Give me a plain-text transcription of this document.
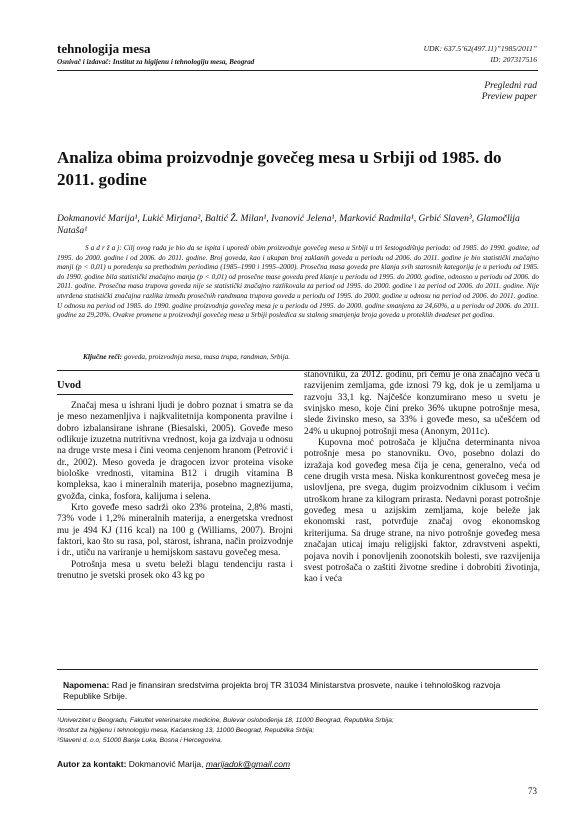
tehnologija mesa
Osnivač i izdavač: Institut za higijenu i tehnologiju mesa, Beograd
UDK: 637.5’62(497.11)”1985/2011”
ID: 207317516
Pregledni rad
Preview paper
Analiza obima proizvodnje govečeg mesa u Srbiji od 1985. do 2011. godine
Dokmanović Marija¹, Lukić Mirjana², Baltić Ž. Milan¹, Ivanović Jelena¹, Marković Radmila¹, Grbić Slaven³, Glamočlija Nataša¹
S a d r ž a j: Cilj ovog rada je bio da se ispita i uporedi obim proizvodnje govečeg mesa u Srbiji u tri šestogodišnja perioda: od 1985. do 1990. godine, od 1995. do 2000. godine i od 2006. do 2011. godine. Broj goveda, kao i ukupan broj zaklanih goveda u periodu od 2006. do 2011. godine je bio statistički značajno manji (p < 0,01) u poređenju sa prethodnim periodima (1985–1990 i 1995–2000). Prosečna masa goveda pre klanja svih starosnih kategorija je u periodu od 1985. do 1990. godine bila statistički značajno manja (p < 0,01) od prosečne mase goveda pred klanje u periodu od 1995. do 2000. godine, odnosno u periodu od 2006. do 2011. godine. Prosečna masa trupova goveda nije se statistički značajno razlikovala za period od 1995. do 2000. godine i za period od 2006. do 2011. godine. Nije utvrđena statistički značajna razlika između prosečnih randmana trupova goveda u periodu od 1995. do 2000. godine u odnosu na period od 2006. do 2011. godine. U odnosu na period od 1985. do 1990. godine proizvodnja govečeg mesa je u periodu od 1995. do 2000. godine smanjena za 24,60%, a u periodu od 2006. do 2011. godine za 29,20%. Ovakve promene u proizvodnji govečeg mesa u Srbiji posledica su stalnog smanjenja broja goveda u proteklih dvadeset pet godina.
Ključne reči: goveda, proizvodnja mesa, masa trupa, randman, Srbija.
Uvod

Značaj mesa u ishrani ljudi je dobro poznat i smatra se da je meso nezamenljiva i najkvalitetnija komponenta pravilne i dobro izbalansirane ishrane (Biesalski, 2005). Goveđe meso odlikuje izuzetna nutritivna vrednost, koja ga izdvaja u odnosu na druge vrste mesa i čini veoma cenjenom hranom (Petrović i dr., 2002). Meso goveda je dragocen izvor proteina visoke biološke vrednosti, vitamina B12 i drugih vitamina B kompleksa, kao i mineralnih materija, posebno magnezijuma, gvožđa, cinka, fosfora, kalijuma i selena.

Krto goveđe meso sadrži oko 23% proteina, 2,8% masti, 73% vode i 1,2% mineralnih materija, a energetska vrednost mu je 494 KJ (116 kcal) na 100 g (Williams, 2007). Brojni faktori, kao što su rasa, pol, starost, ishrana, način proizvodnje i dr., utiču na variranje u hemijskom sastavu govečeg mesa.

Potrošnja mesa u svetu beleži blagu tendenciju rasta i trenutno je svetski prosek oko 43 kg po

stanovniku, za 2012. godinu, pri čemu je ona značajno veća u razvijenim zemljama, gde iznosi 79 kg, dok je u zemljama u razvoju 33,1 kg. Najčešće konzumirano meso u svetu je svinjsko meso, koje čini preko 36% ukupne potrošnje mesa, slede živinsko meso, sa 33% i goveđe meso, sa učešćem od 24% u ukupnoj potrošnji mesa (Anonym, 2011c).

Kupovna moć potrošača je ključna determinanta nivoa potrošnje mesa po stanovniku. Ovo, posebno dolazi do izražaja kod goveđeg mesa čija je cena, generalno, veća od cene drugih vrsta mesa. Niska konkurentnost govečeg mesa je uslovljena, pre svega, dugim proizvodnim ciklusom i većim utroškom hrane za kilogram prirasta. Nedavni porast potrošnje goveđeg mesa u azijskim zemljama, koje beleže jak ekonomski rast, potvrđuje značaj ovog ekonomskog kriterijuma. Sa druge strane, na nivo potrošnje goveđeg mesa značajan uticaj imaju religijski faktor, zdravstveni aspekti, pojava novih i ponovljenih zoonotskih bolesti, sve razvijenija svest potrošača o zaštiti životne sredine i dobrobiti životinja, kao i veća

Napomena: Rad je finansiran sredstvima projekta broj TR 31034 Ministarstva prosvete, nauke i tehnološkog razvoja Republike Srbije.
¹Univerzitet u Beogradu, Fakultet veterinarske medicine, Bulevar oslobođenja 18, 11000 Beograd, Republika Srbija;
²Institut za higijenu i tehnologiju mesa, Kaćanskog 13, 11000 Beograd, Republika Srbija;
³Slaveni d. o.o, 51000 Banja Luka, Bosna i Hercegovina.
Autor za kontakt: Dokmanović Marija, marijadok@gmail.com
73
